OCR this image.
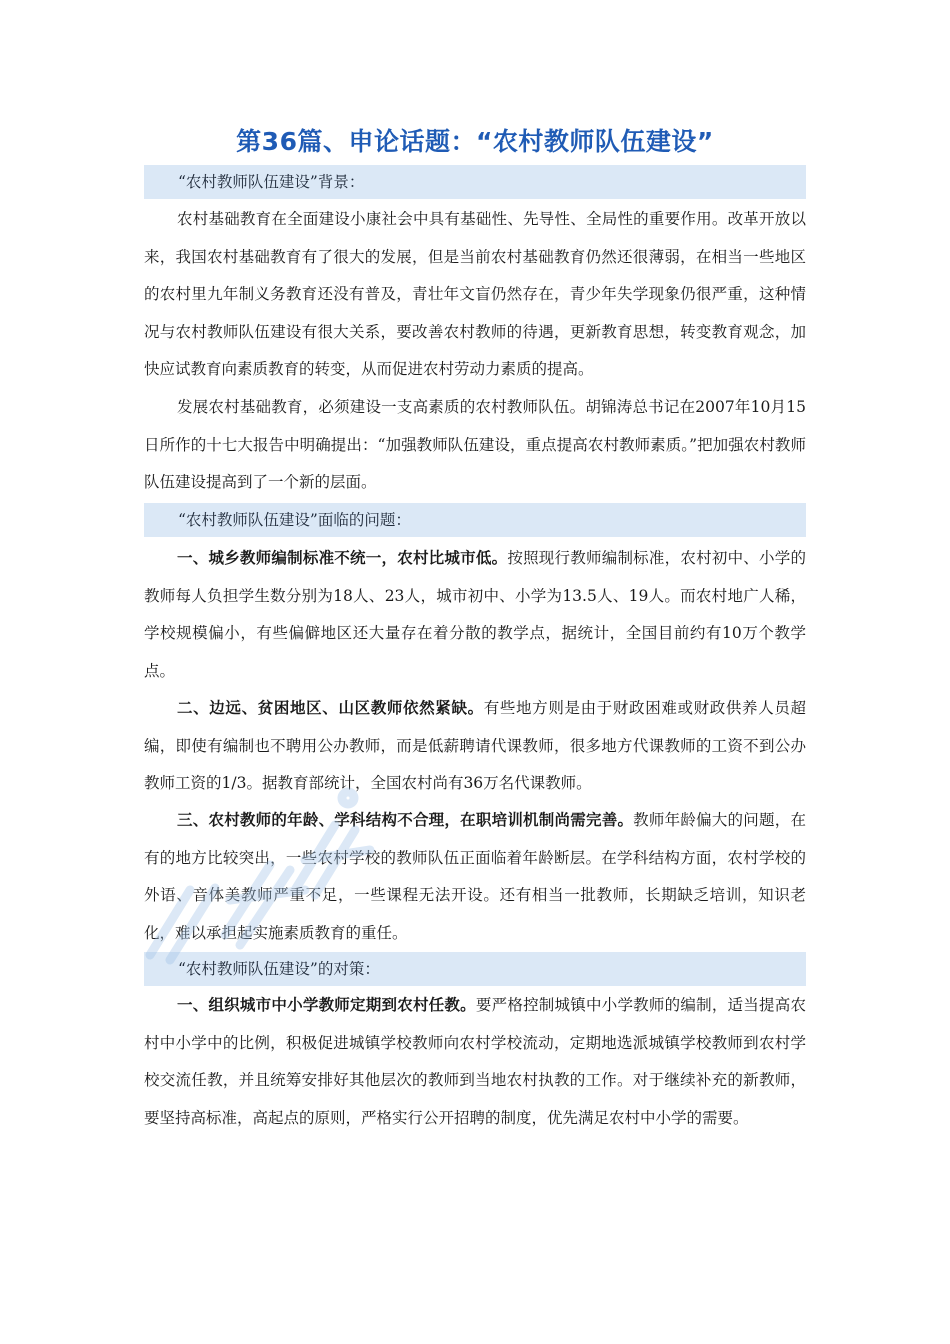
第36篇、申论话题：“农村教师队伍建设”
“农村教师队伍建设”背景：

农村基础教育在全面建设小康社会中具有基础性、先导性、全局性的重要作用。改革开放以来，我国农村基础教育有了很大的发展，但是当前农村基础教育仍然还很薄弱，在相当一些地区的农村里九年制义务教育还没有普及，青壮年文盲仍然存在，青少年失学现象仍很严重，这种情况与农村教师队伍建设有很大关系，要改善农村教师的待遇，更新教育思想，转变教育观念，加快应试教育向素质教育的转变，从而促进农村劳动力素质的提高。

发展农村基础教育，必须建设一支高素质的农村教师队伍。胡锦涛总书记在2007年10月15日所作的十七大报告中明确提出：“加强教师队伍建设，重点提高农村教师素质。”把加强农村教师队伍建设提高到了一个新的层面。

“农村教师队伍建设”面临的问题：

一、城乡教师编制标准不统一，农村比城市低。按照现行教师编制标准，农村初中、小学的教师每人负担学生数分别为18人、23人，城市初中、小学为13.5人、19人。而农村地广人稀，学校规模偏小，有些偏僻地区还大量存在着分散的教学点，据统计，全国目前约有10万个教学点。

二、边远、贫困地区、山区教师依然紧缺。有些地方则是由于财政困难或财政供养人员超编，即使有编制也不聘用公办教师，而是低薪聘请代课教师，很多地方代课教师的工资不到公办教师工资的1/3。据教育部统计，全国农村尚有36万名代课教师。

三、农村教师的年龄、学科结构不合理，在职培训机制尚需完善。教师年龄偏大的问题，在有的地方比较突出，一些农村学校的教师队伍正面临着年龄断层。在学科结构方面，农村学校的外语、音体美教师严重不足，一些课程无法开设。还有相当一批教师，长期缺乏培训，知识老化，难以承担起实施素质教育的重任。

“农村教师队伍建设”的对策：

一、组织城市中小学教师定期到农村任教。要严格控制城镇中小学教师的编制，适当提高农村中小学中的比例，积极促进城镇学校教师向农村学校流动，定期地选派城镇学校教师到农村学校交流任教，并且统筹安排好其他层次的教师到当地农村执教的工作。对于继续补充的新教师，要坚持高标准，高起点的原则，严格实行公开招聘的制度，优先满足农村中小学的需要。
